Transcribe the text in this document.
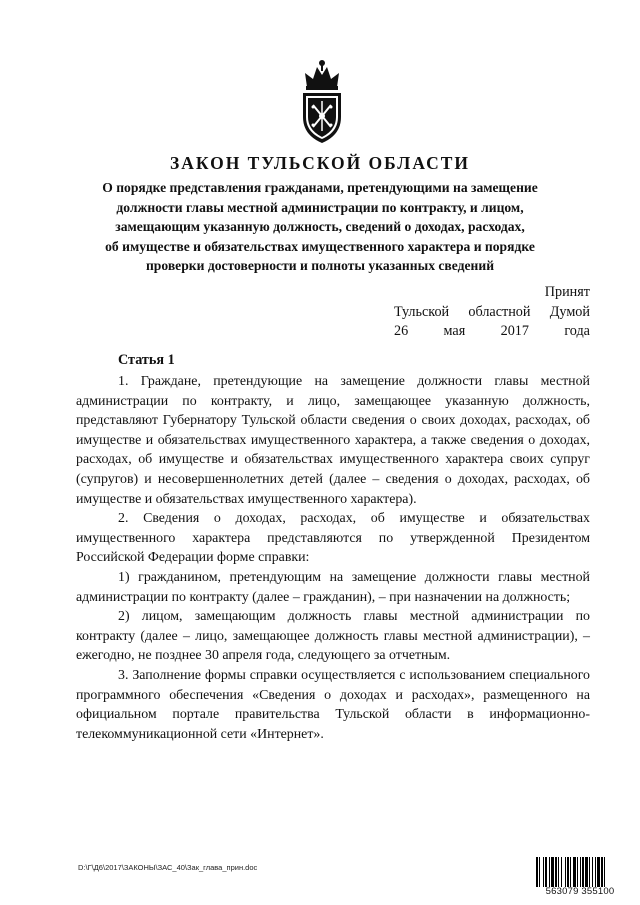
ЗАКОН ТУЛЬСКОЙ ОБЛАСТИ
О порядке представления гражданами, претендующими на замещение
должности главы местной администрации по контракту, и лицом,
замещающим указанную должность, сведений о доходах, расходах,
об имуществе и обязательствах имущественного характера и порядке
проверки достоверности и полноты указанных сведений
Принят
Тульской областной Думой
26 мая 2017 года
Статья 1

1. Граждане, претендующие на замещение должности главы местной администрации по контракту, и лицо, замещающее указанную должность, представляют Губернатору Тульской области сведения о своих доходах, расходах, об имуществе и обязательствах имущественного характера, а также сведения о доходах, расходах, об имуществе и обязательствах имущественного характера своих супруг (супругов) и несовершеннолетних детей (далее – сведения о доходах, расходах, об имуществе и обязательствах имущественного характера).

2. Сведения о доходах, расходах, об имуществе и обязательствах имущественного характера представляются по утвержденной Президентом Российской Федерации форме справки:

1) гражданином, претендующим на замещение должности главы местной администрации по контракту (далее – гражданин), – при назначении на должность;

2) лицом, замещающим должность главы местной администрации по контракту (далее – лицо, замещающее должность главы местной администрации), – ежегодно, не позднее 30 апреля года, следующего за отчетным.

3. Заполнение формы справки осуществляется с использованием специального программного обеспечения «Сведения о доходах и расходах», размещенного на официальном портале правительства Тульской области в информационно-телекоммуникационной сети «Интернет».

D:\Г\Д6\2017\ЗАКОНЫ\ЗАС_40\Зак_глава_прин.doc
563079 355100
